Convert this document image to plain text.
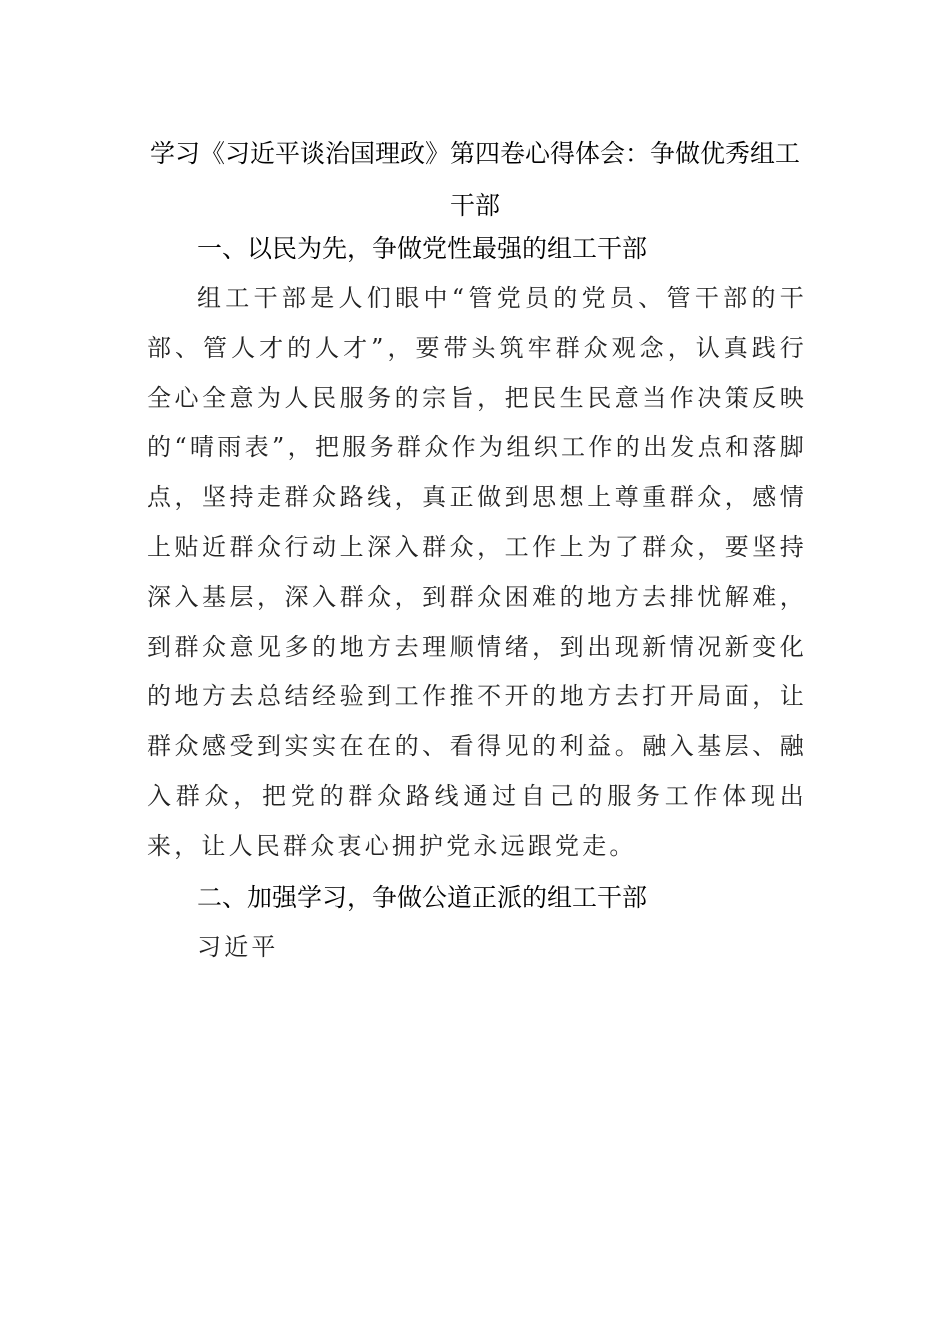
学习《习近平谈治国理政》第四卷心得体会：争做优秀组工干部
一、以民为先，争做党性最强的组工干部

组工干部是人们眼中“管党员的党员、管干部的干部、管人才的人才”，要带头筑牢群众观念，认真践行全心全意为人民服务的宗旨，把民生民意当作决策反映的“晴雨表”，把服务群众作为组织工作的出发点和落脚点，坚持走群众路线，真正做到思想上尊重群众，感情上贴近群众行动上深入群众，工作上为了群众，要坚持深入基层，深入群众，到群众困难的地方去排忧解难，到群众意见多的地方去理顺情绪，到出现新情况新变化的地方去总结经验到工作推不开的地方去打开局面，让群众感受到实实在在的、看得见的利益。融入基层、融入群众，把党的群众路线通过自己的服务工作体现出来，让人民群众衷心拥护党永远跟党走。

二、加强学习，争做公道正派的组工干部
习近平
